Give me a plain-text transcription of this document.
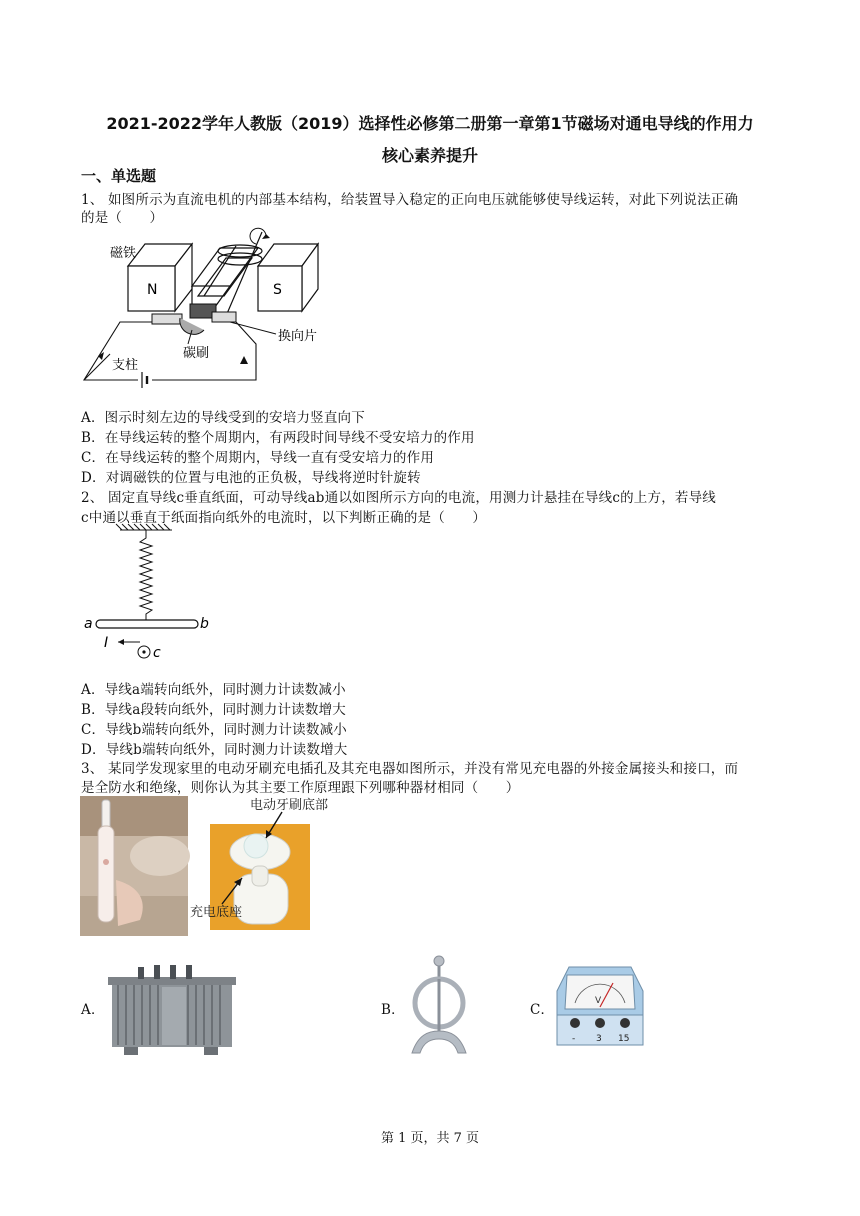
2021-2022学年人教版（2019）选择性必修第二册第一章第1节磁场对通电导线的作用力
核心素养提升
一、单选题
1、 如图所示为直流电机的内部基本结构，给装置导入稳定的正向电压就能够使导线运转，对此下列说法正确
的是（　　）
N	S
磁铁
换向片
碳刷
支柱
A．图示时刻左边的导线受到的安培力竖直向下
B．在导线运转的整个周期内，有两段时间导线不受安培力的作用
C．在导线运转的整个周期内，导线一直有受安培力的作用
D．对调磁铁的位置与电池的正负极，导线将逆时针旋转
2、 固定直导线c垂直纸面，可动导线ab通以如图所示方向的电流，用测力计悬挂在导线c的上方，若导线
c中通以垂直于纸面指向纸外的电流时，以下判断正确的是（　　）
a	b
I
c
A．导线a端转向纸外，同时测力计读数减小
B．导线a段转向纸外，同时测力计读数增大
C．导线b端转向纸外，同时测力计读数减小
D．导线b端转向纸外，同时测力计读数增大
3、 某同学发现家里的电动牙刷充电插孔及其充电器如图所示，并没有常见充电器的外接金属接头和接口，而
是全防水和绝缘，则你认为其主要工作原理跟下列哪种器材相同（　　）
电动牙刷底部
充电底座
A．	B．	C．
V
- 3 15
第 1 页，共 7 页
